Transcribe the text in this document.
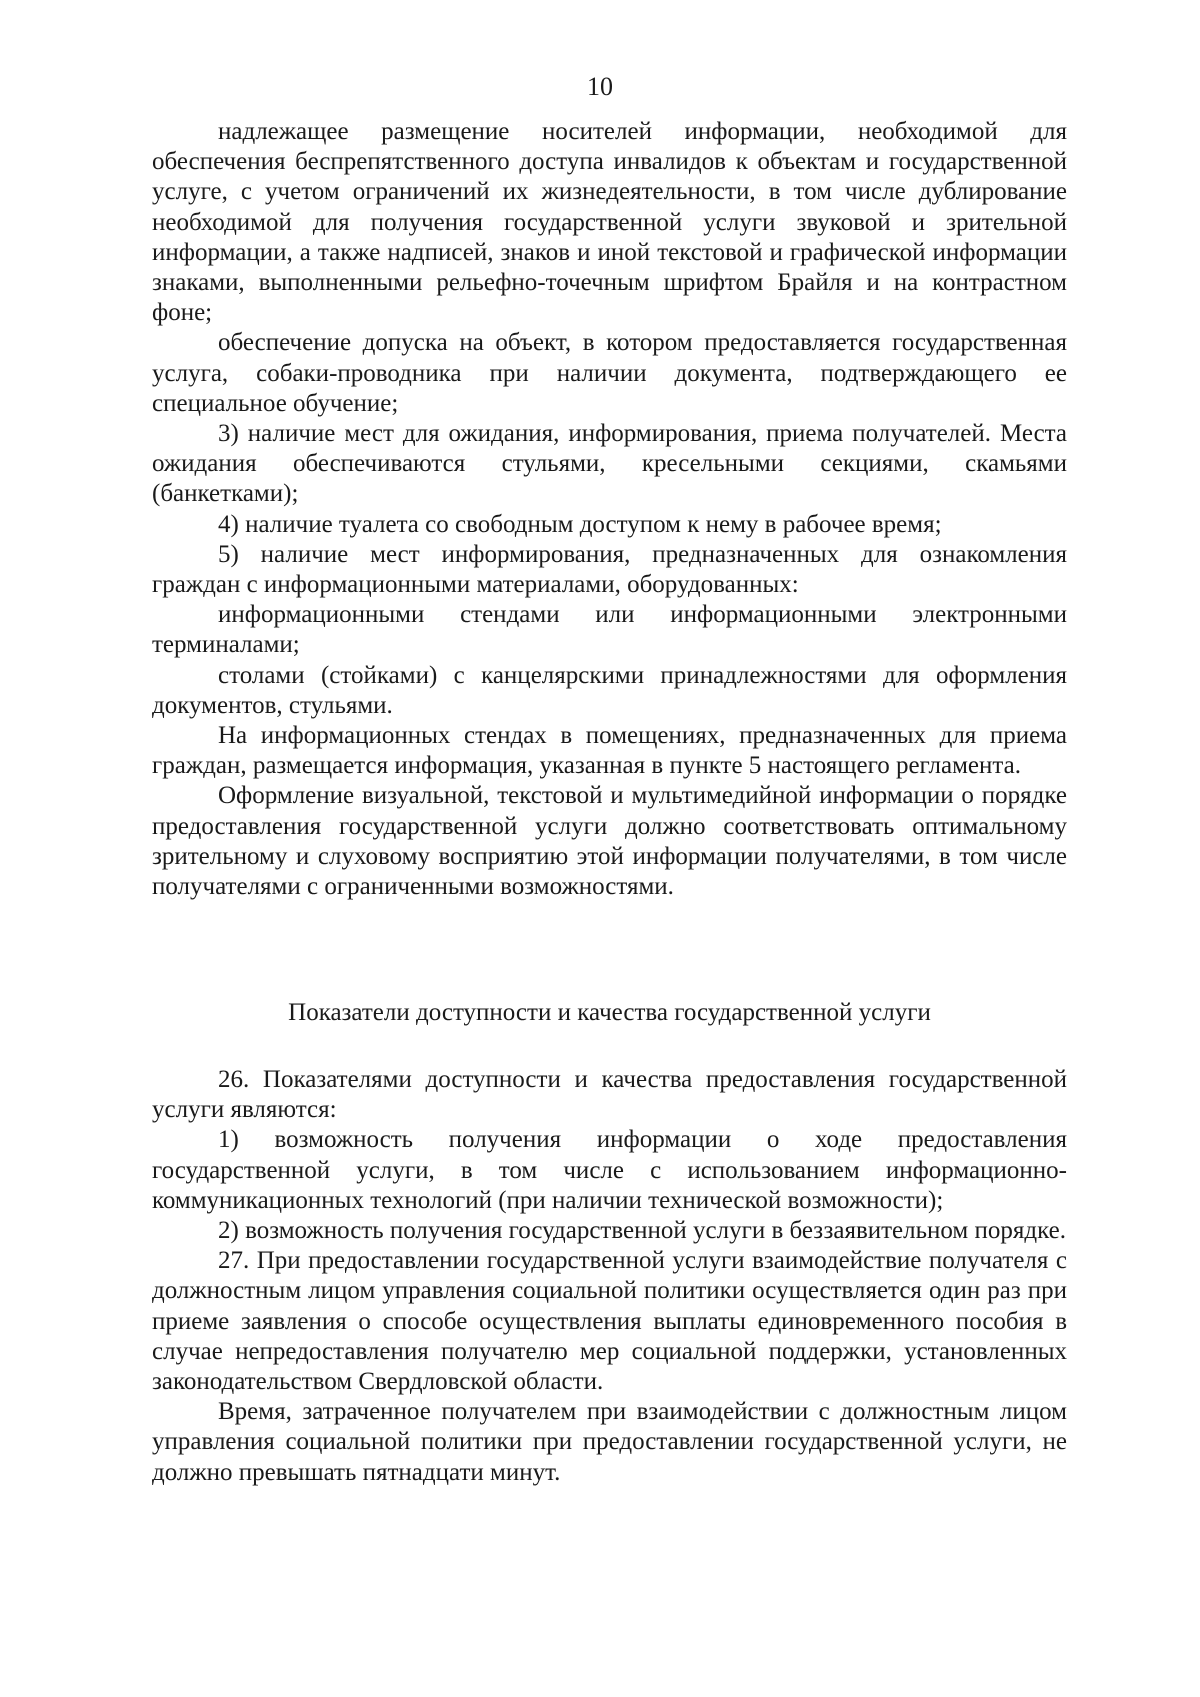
10

надлежащее размещение носителей информации, необходимой для обеспечения беспрепятственного доступа инвалидов к объектам и государственной услуге, с учетом ограничений их жизнедеятельности, в том числе дублирование необходимой для получения государственной услуги звуковой и зрительной информации, а также надписей, знаков и иной текстовой и графической информации знаками, выполненными рельефно-точечным шрифтом Брайля и на контрастном фоне;

обеспечение допуска на объект, в котором предоставляется государственная услуга, собаки-проводника при наличии документа, подтверждающего ее специальное обучение;

3) наличие мест для ожидания, информирования, приема получателей. Места ожидания обеспечиваются стульями, кресельными секциями, скамьями (банкетками);

4) наличие туалета со свободным доступом к нему в рабочее время;

5) наличие мест информирования, предназначенных для ознакомления граждан с информационными материалами, оборудованных:

информационными стендами или информационными электронными терминалами;

столами (стойками) с канцелярскими принадлежностями для оформления документов, стульями.

На информационных стендах в помещениях, предназначенных для приема граждан, размещается информация, указанная в пункте 5 настоящего регламента.

Оформление визуальной, текстовой и мультимедийной информации о порядке предоставления государственной услуги должно соответствовать оптимальному зрительному и слуховому восприятию этой информации получателями, в том числе получателями с ограниченными возможностями.

Показатели доступности и качества государственной услуги

26. Показателями доступности и качества предоставления государственной услуги являются:

1) возможность получения информации о ходе предоставления государственной услуги, в том числе с использованием информационно-коммуникационных технологий (при наличии технической возможности);

2) возможность получения государственной услуги в беззаявительном порядке.

27. При предоставлении государственной услуги взаимодействие получателя с должностным лицом управления социальной политики осуществляется один раз при приеме заявления о способе осуществления выплаты единовременного пособия в случае непредоставления получателю мер социальной поддержки, установленных законодательством Свердловской области.

Время, затраченное получателем при взаимодействии с должностным лицом управления социальной политики при предоставлении государственной услуги, не должно превышать пятнадцати минут.
